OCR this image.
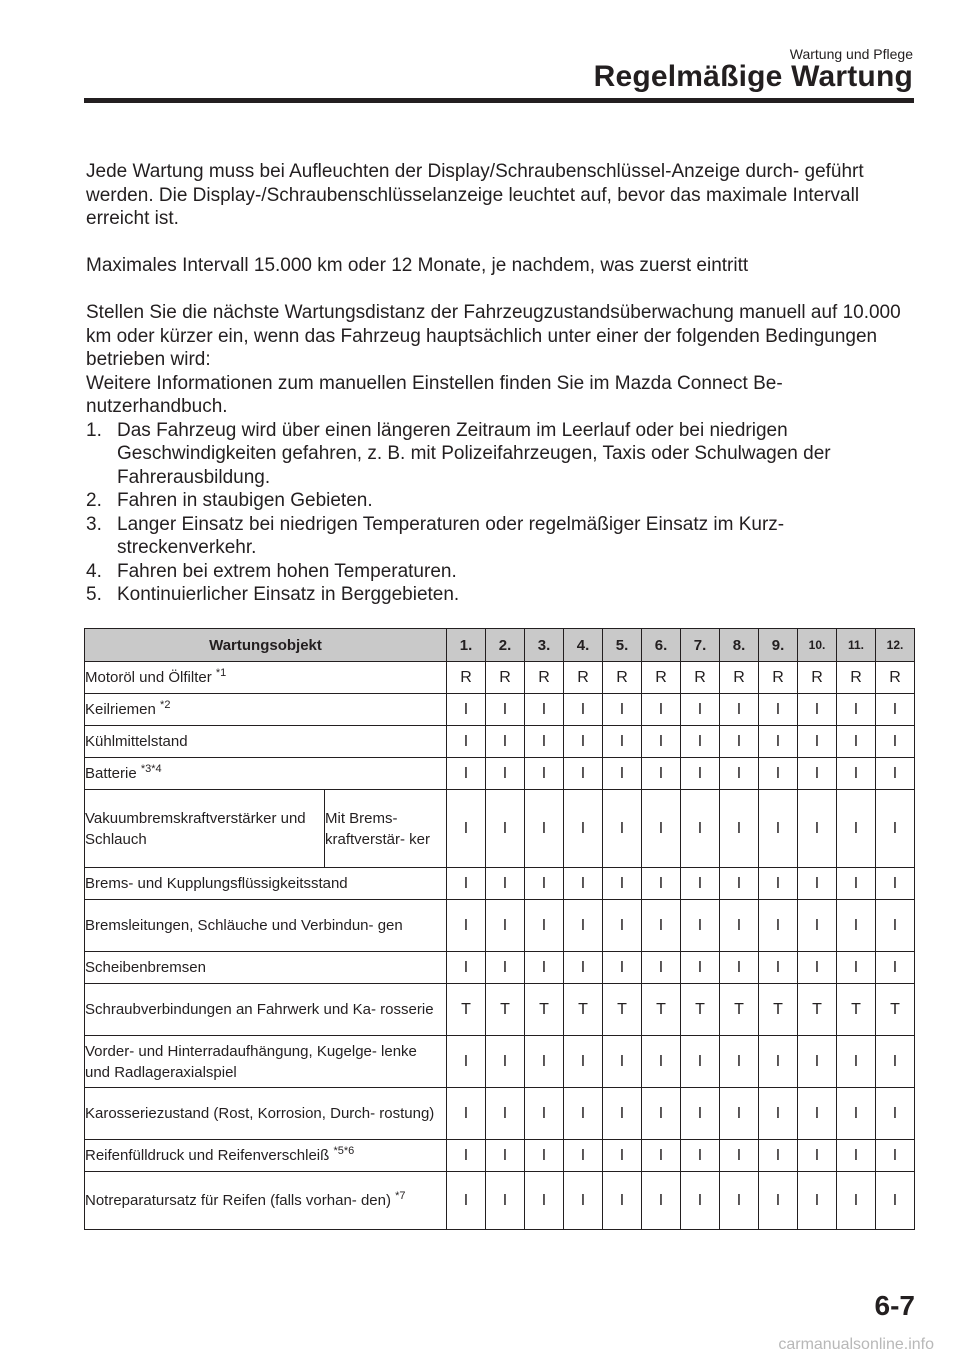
Wartung und Pflege
Regelmäßige Wartung

Jede Wartung muss bei Aufleuchten der Display/Schraubenschlüssel-Anzeige durch- geführt werden. Die Display-/Schraubenschlüsselanzeige leuchtet auf, bevor das maximale Intervall erreicht ist.

Maximales Intervall 15.000 km oder 12 Monate, je nachdem, was zuerst eintritt

Stellen Sie die nächste Wartungsdistanz der Fahrzeugzustandsüberwachung manuell auf 10.000 km oder kürzer ein, wenn das Fahrzeug hauptsächlich unter einer der folgenden Bedingungen betrieben wird:

Weitere Informationen zum manuellen Einstellen finden Sie im Mazda Connect Be- nutzerhandbuch.

1. Das Fahrzeug wird über einen längeren Zeitraum im Leerlauf oder bei niedrigen Geschwindigkeiten gefahren, z. B. mit Polizeifahrzeugen, Taxis oder Schulwagen der Fahrerausbildung.
2. Fahren in staubigen Gebieten.
3. Langer Einsatz bei niedrigen Temperaturen oder regelmäßiger Einsatz im Kurz- streckenverkehr.
4. Fahren bei extrem hohen Temperaturen.
5. Kontinuierlicher Einsatz in Berggebieten.
Wartungsobjekt		1.	2.	3.	4.	5.	6.	7.	8.	9.	10.	11.	12.
Motoröl und Ölfilter $^{*1}$		R	R	R	R	R	R	R	R	R	R	R	R
Keilriemen $^{*2}$		I	I	I	I	I	I	I	I	I	I	I	I
Kühlmittelstand		I	I	I	I	I	I	I	I	I	I	I	I
Batterie $^{*3*4}$		I	I	I	I	I	I	I	I	I	I	I	I
Vakuumbremskraftverstärker und Schlauch	Mit Brems- kraftverstär- ker	I	I	I	I	I	I	I	I	I	I	I	I
Brems- und Kupplungsflüssigkeitsstand		I	I	I	I	I	I	I	I	I	I	I	I
Bremsleitungen, Schläuche und Verbindun- gen		I	I	I	I	I	I	I	I	I	I	I	I
Scheibenbremsen		I	I	I	I	I	I	I	I	I	I	I	I
Schraubverbindungen an Fahrwerk und Ka- rosserie		T	T	T	T	T	T	T	T	T	T	T	T
Vorder- und Hinterradaufhängung, Kugelge- lenke und Radlageraxialspiel		I	I	I	I	I	I	I	I	I	I	I	I
Karosseriezustand (Rost, Korrosion, Durch- rostung)		I	I	I	I	I	I	I	I	I	I	I	I
Reifenfülldruck und Reifenverschleiß $^{*5*6}$		I	I	I	I	I	I	I	I	I	I	I	I
Notreparatursatz für Reifen (falls vorhan- den) $^{*7}$		I	I	I	I	I	I	I	I	I	I	I	I
6-7
carmanualsonline.info
